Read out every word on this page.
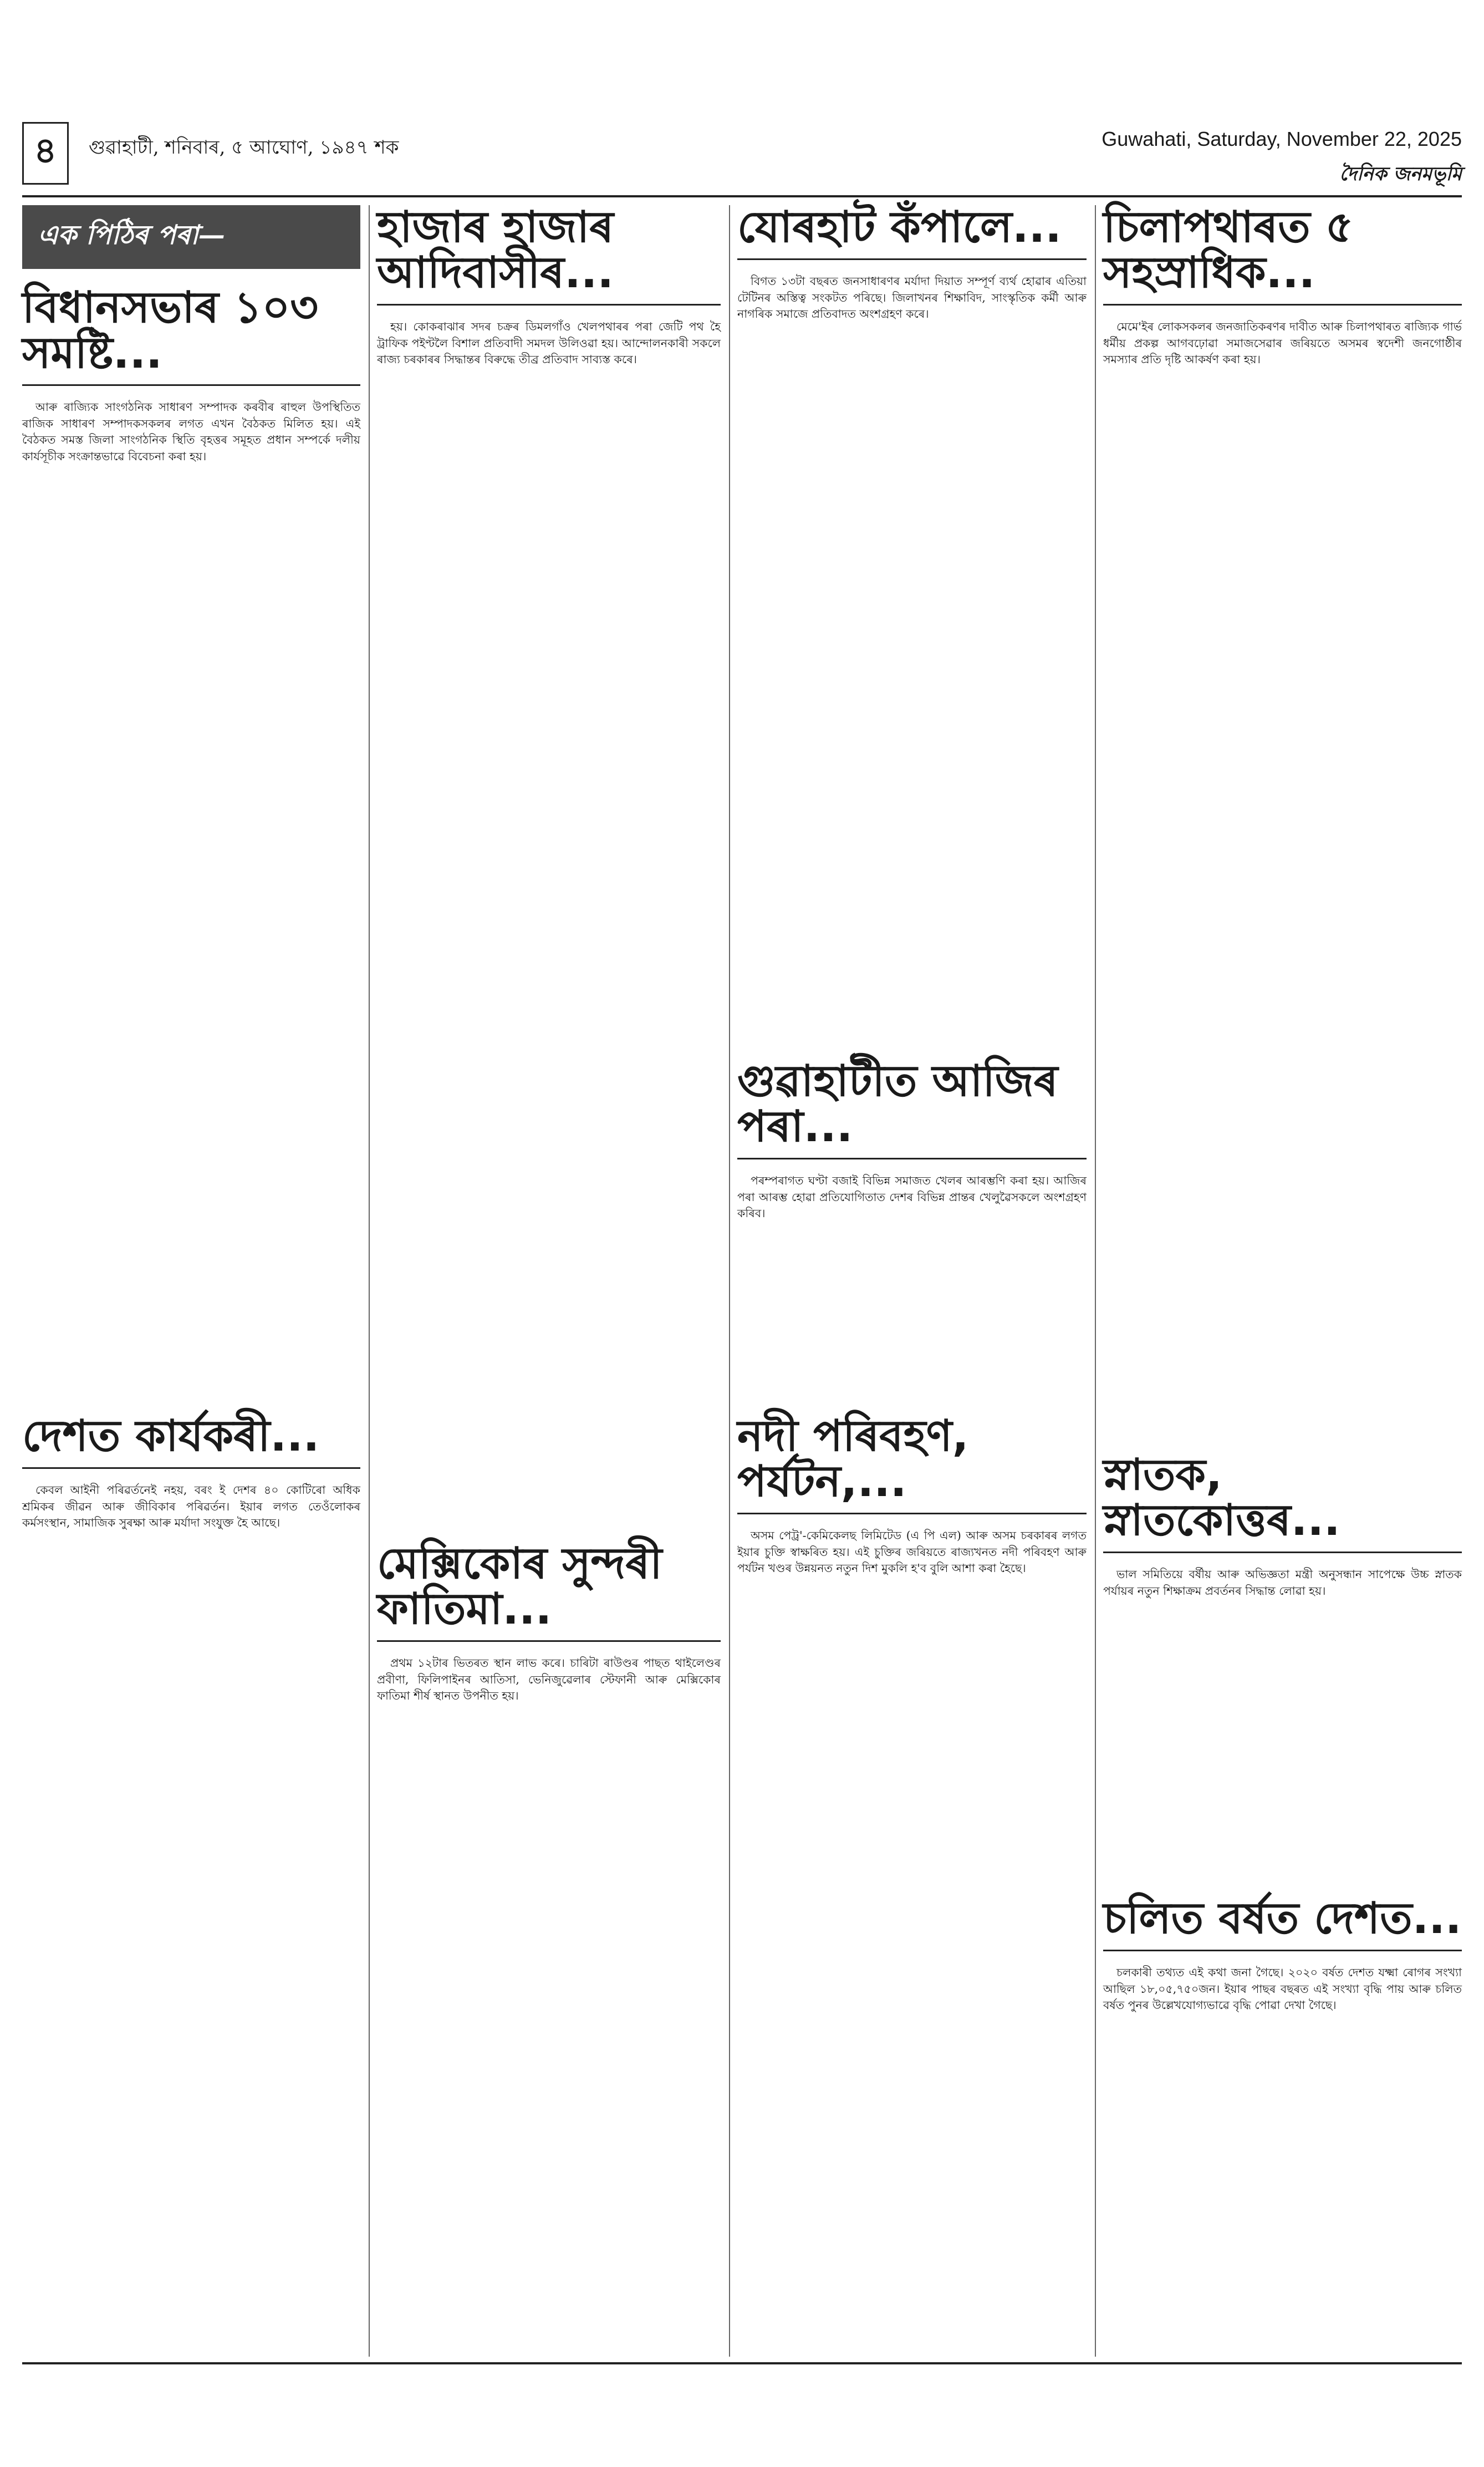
৪	গুৱাহাটী, শনিবাৰ, ৫ আঘোণ, ১৯৪৭ শক	Guwahati, Saturday, November 22, 2025
দৈনিক জনমভূমি
এক পিঠিৰ পৰা—
বিধানসভাৰ ১০৩ সমষ্টি...

আৰু ৰাজ্যিক সাংগঠনিক সাধাৰণ সম্পাদক কৰবীৰ ৰাহুল উপস্থিতিত ৰাজিক সাধাৰণ সম্পাদকসকলৰ লগত এখন বৈঠকত মিলিত হয়। এই বৈঠকত সমস্ত জিলা সাংগঠনিক স্থিতি বৃহত্তৰ সমূহত প্ৰধান সম্পৰ্কে দলীয় কাৰ্যসূচীক সংক্ৰান্তভাৱে বিবেচনা কৰা হয়।

দেশত কাৰ্যকৰী...

কেবল আইনী পৰিৱৰ্তনেই নহয়, বৰং ই দেশৰ ৪০ কোটিৰো অধিক শ্ৰমিকৰ জীৱন আৰু জীবিকাৰ পৰিৱৰ্তন। ইয়াৰ লগত তেওঁলোকৰ কৰ্মসংস্থান, সামাজিক সুৰক্ষা আৰু মৰ্যাদা সংযুক্ত হৈ আছে।

হাজাৰ হাজাৰ আদিবাসীৰ...

হয়। কোকৰাঝাৰ সদৰ চক্ৰৰ ডিমলগাঁও খেলপথাৰৰ পৰা জেটি পথ হৈ ট্ৰাফিক পইণ্টলৈ বিশাল প্ৰতিবাদী সমদল উলিওৱা হয়। আন্দোলনকাৰী সকলে ৰাজ্য চৰকাৰৰ সিদ্ধান্তৰ বিৰুদ্ধে তীব্ৰ প্ৰতিবাদ সাব্যস্ত কৰে।

মেক্সিকোৰ সুন্দৰী ফাতিমা...

প্ৰথম ১২টাৰ ভিতৰত স্থান লাভ কৰে। চাৰিটা ৰাউণ্ডৰ পাছত থাইলেণ্ডৰ প্ৰবীণা, ফিলিপাইনৰ আতিসা, ভেনিজুৱেলাৰ স্টেফানী আৰু মেক্সিকোৰ ফাতিমা শীৰ্ষ স্থানত উপনীত হয়।

যোৰহাট কঁপালে...

বিগত ১৩টা বছৰত জনসাধাৰণৰ মৰ্যাদা দিয়াত সম্পূৰ্ণ ব্যৰ্থ হোৱাৰ এতিয়া টেটিনৰ অস্তিত্ব সংকটত পৰিছে। জিলাখনৰ শিক্ষাবিদ, সাংস্কৃতিক কৰ্মী আৰু নাগৰিক সমাজে প্ৰতিবাদত অংশগ্ৰহণ কৰে।

গুৱাহাটীত আজিৰ পৰা...

পৰম্পৰাগত ঘণ্টা বজাই বিভিন্ন সমাজত খেলৰ আৰম্ভণি কৰা হয়। আজিৰ পৰা আৰম্ভ হোৱা প্ৰতিযোগিতাত দেশৰ বিভিন্ন প্ৰান্তৰ খেলুৱৈসকলে অংশগ্ৰহণ কৰিব।

নদী পৰিবহণ, পৰ্যটন,...

অসম পেট্ৰ'-কেমিকেলছ লিমিটেড (এ পি এল) আৰু অসম চৰকাৰৰ লগত ইয়াৰ চুক্তি স্বাক্ষৰিত হয়। এই চুক্তিৰ জৰিয়তে ৰাজ্যখনত নদী পৰিবহণ আৰু পৰ্যটন খণ্ডৰ উন্নয়নত নতুন দিশ মুকলি হ'ব বুলি আশা কৰা হৈছে।

চিলাপথাৰত ৫ সহস্ৰাধিক...

মেমে'ইৰ লোকসকলৰ জনজাতিকৰণৰ দাবীত আৰু চিলাপথাৰত ৰাজ্যিক গাৰ্ভ ধৰ্মীয় প্ৰকল্প আগবঢ়োৱা সমাজসেৱাৰ জৰিয়তে অসমৰ স্বদেশী জনগোষ্ঠীৰ সমস্যাৰ প্ৰতি দৃষ্টি আকৰ্ষণ কৰা হয়।

স্নাতক, স্নাতকোত্তৰ...

ভাল সমিতিয়ে বৰ্ষীয় আৰু অভিজ্ঞতা মন্ত্ৰী অনুসন্ধান সাপেক্ষে উচ্চ স্নাতক পৰ্যায়ৰ নতুন শিক্ষাক্ৰম প্ৰবৰ্তনৰ সিদ্ধান্ত লোৱা হয়।

চলিত বৰ্ষত দেশত...

চলকাৰী তথ্যত এই কথা জনা গৈছে। ২০২০ বৰ্ষত দেশত যক্ষ্মা ৰোগৰ সংখ্যা আছিল ১৮,০৫,৭৫০জন। ইয়াৰ পাছৰ বছৰত এই সংখ্যা বৃদ্ধি পায় আৰু চলিত বৰ্ষত পুনৰ উল্লেখযোগ্যভাৱে বৃদ্ধি পোৱা দেখা গৈছে।
